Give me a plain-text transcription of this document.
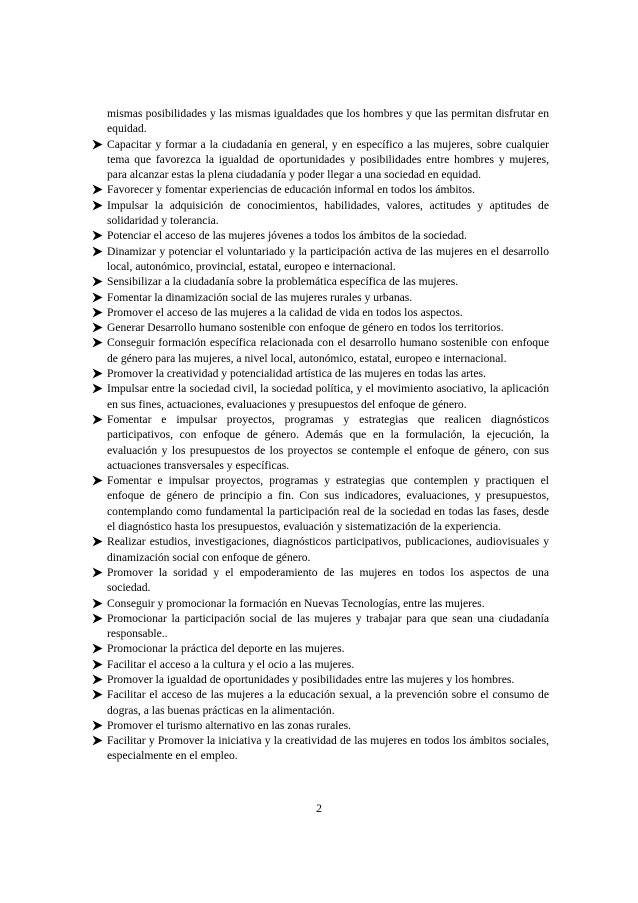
mismas posibilidades y las mismas igualdades que los hombres y que las permitan disfrutar en equidad.

Capacitar y formar a la ciudadanía en general, y en específico a las mujeres, sobre cualquier tema que favorezca la igualdad de oportunidades y posibilidades entre hombres y mujeres, para alcanzar estas la plena ciudadanía y poder llegar a una sociedad en equidad.
Favorecer y fomentar experiencias de educación informal en todos los ámbitos.
Impulsar la adquisición de conocimientos, habilidades, valores, actitudes y aptitudes de solidaridad y tolerancia.
Potenciar el acceso de las mujeres jóvenes a todos los ámbitos de la sociedad.
Dinamizar y potenciar el voluntariado y la participación activa de las mujeres en el desarrollo local, autonómico, provincial, estatal, europeo e internacional.
Sensibilizar a la ciudadanía sobre la problemática específica de las mujeres.
Fomentar la dinamización social de las mujeres rurales y urbanas.
Promover el acceso de las mujeres a la calidad de vida en todos los aspectos.
Generar Desarrollo humano sostenible con enfoque de género en todos los territorios.
Conseguir formación específica relacionada con el desarrollo humano sostenible con enfoque de género para las mujeres, a nivel local, autonómico, estatal, europeo e internacional.
Promover la creatividad y potencialidad artística de las mujeres en todas las artes.
Impulsar entre la sociedad civil, la sociedad política, y el movimiento asociativo, la aplicación en sus fines, actuaciones, evaluaciones y presupuestos del enfoque de género.
Fomentar e impulsar proyectos, programas y estrategias que realicen diagnósticos participativos, con enfoque de género. Además que en la formulación, la ejecución, la evaluación y los presupuestos de los proyectos se contemple el enfoque de género, con sus actuaciones transversales y específicas.
Fomentar e impulsar proyectos, programas y estrategias que contemplen y practiquen el enfoque de género de principio a fin. Con sus indicadores, evaluaciones, y presupuestos, contemplando como fundamental la participación real de la sociedad en todas las fases, desde el diagnóstico hasta los presupuestos, evaluación y sistematización de la experiencia.
Realizar estudios, investigaciones, diagnósticos participativos, publicaciones, audiovisuales y dinamización social con enfoque de género.
Promover la soridad y el empoderamiento de las mujeres en todos los aspectos de una sociedad.
Conseguir y promocionar la formación en Nuevas Tecnologías, entre las mujeres.
Promocionar la participación social de las mujeres y trabajar para que sean una ciudadanía responsable..
Promocionar la práctica del deporte en las mujeres.
Facilitar el acceso a la cultura y el ocio a las mujeres.
Promover la igualdad de oportunidades y posibilidades entre las mujeres y los hombres.
Facilitar el acceso de las mujeres a la educación sexual, a la prevención sobre el consumo de dogras, a las buenas prácticas en la alimentación.
Promover el turismo alternativo en las zonas rurales.
Facilitar y Promover la iniciativa y la creatividad de las mujeres en todos los ámbitos sociales, especialmente en el empleo.
2
